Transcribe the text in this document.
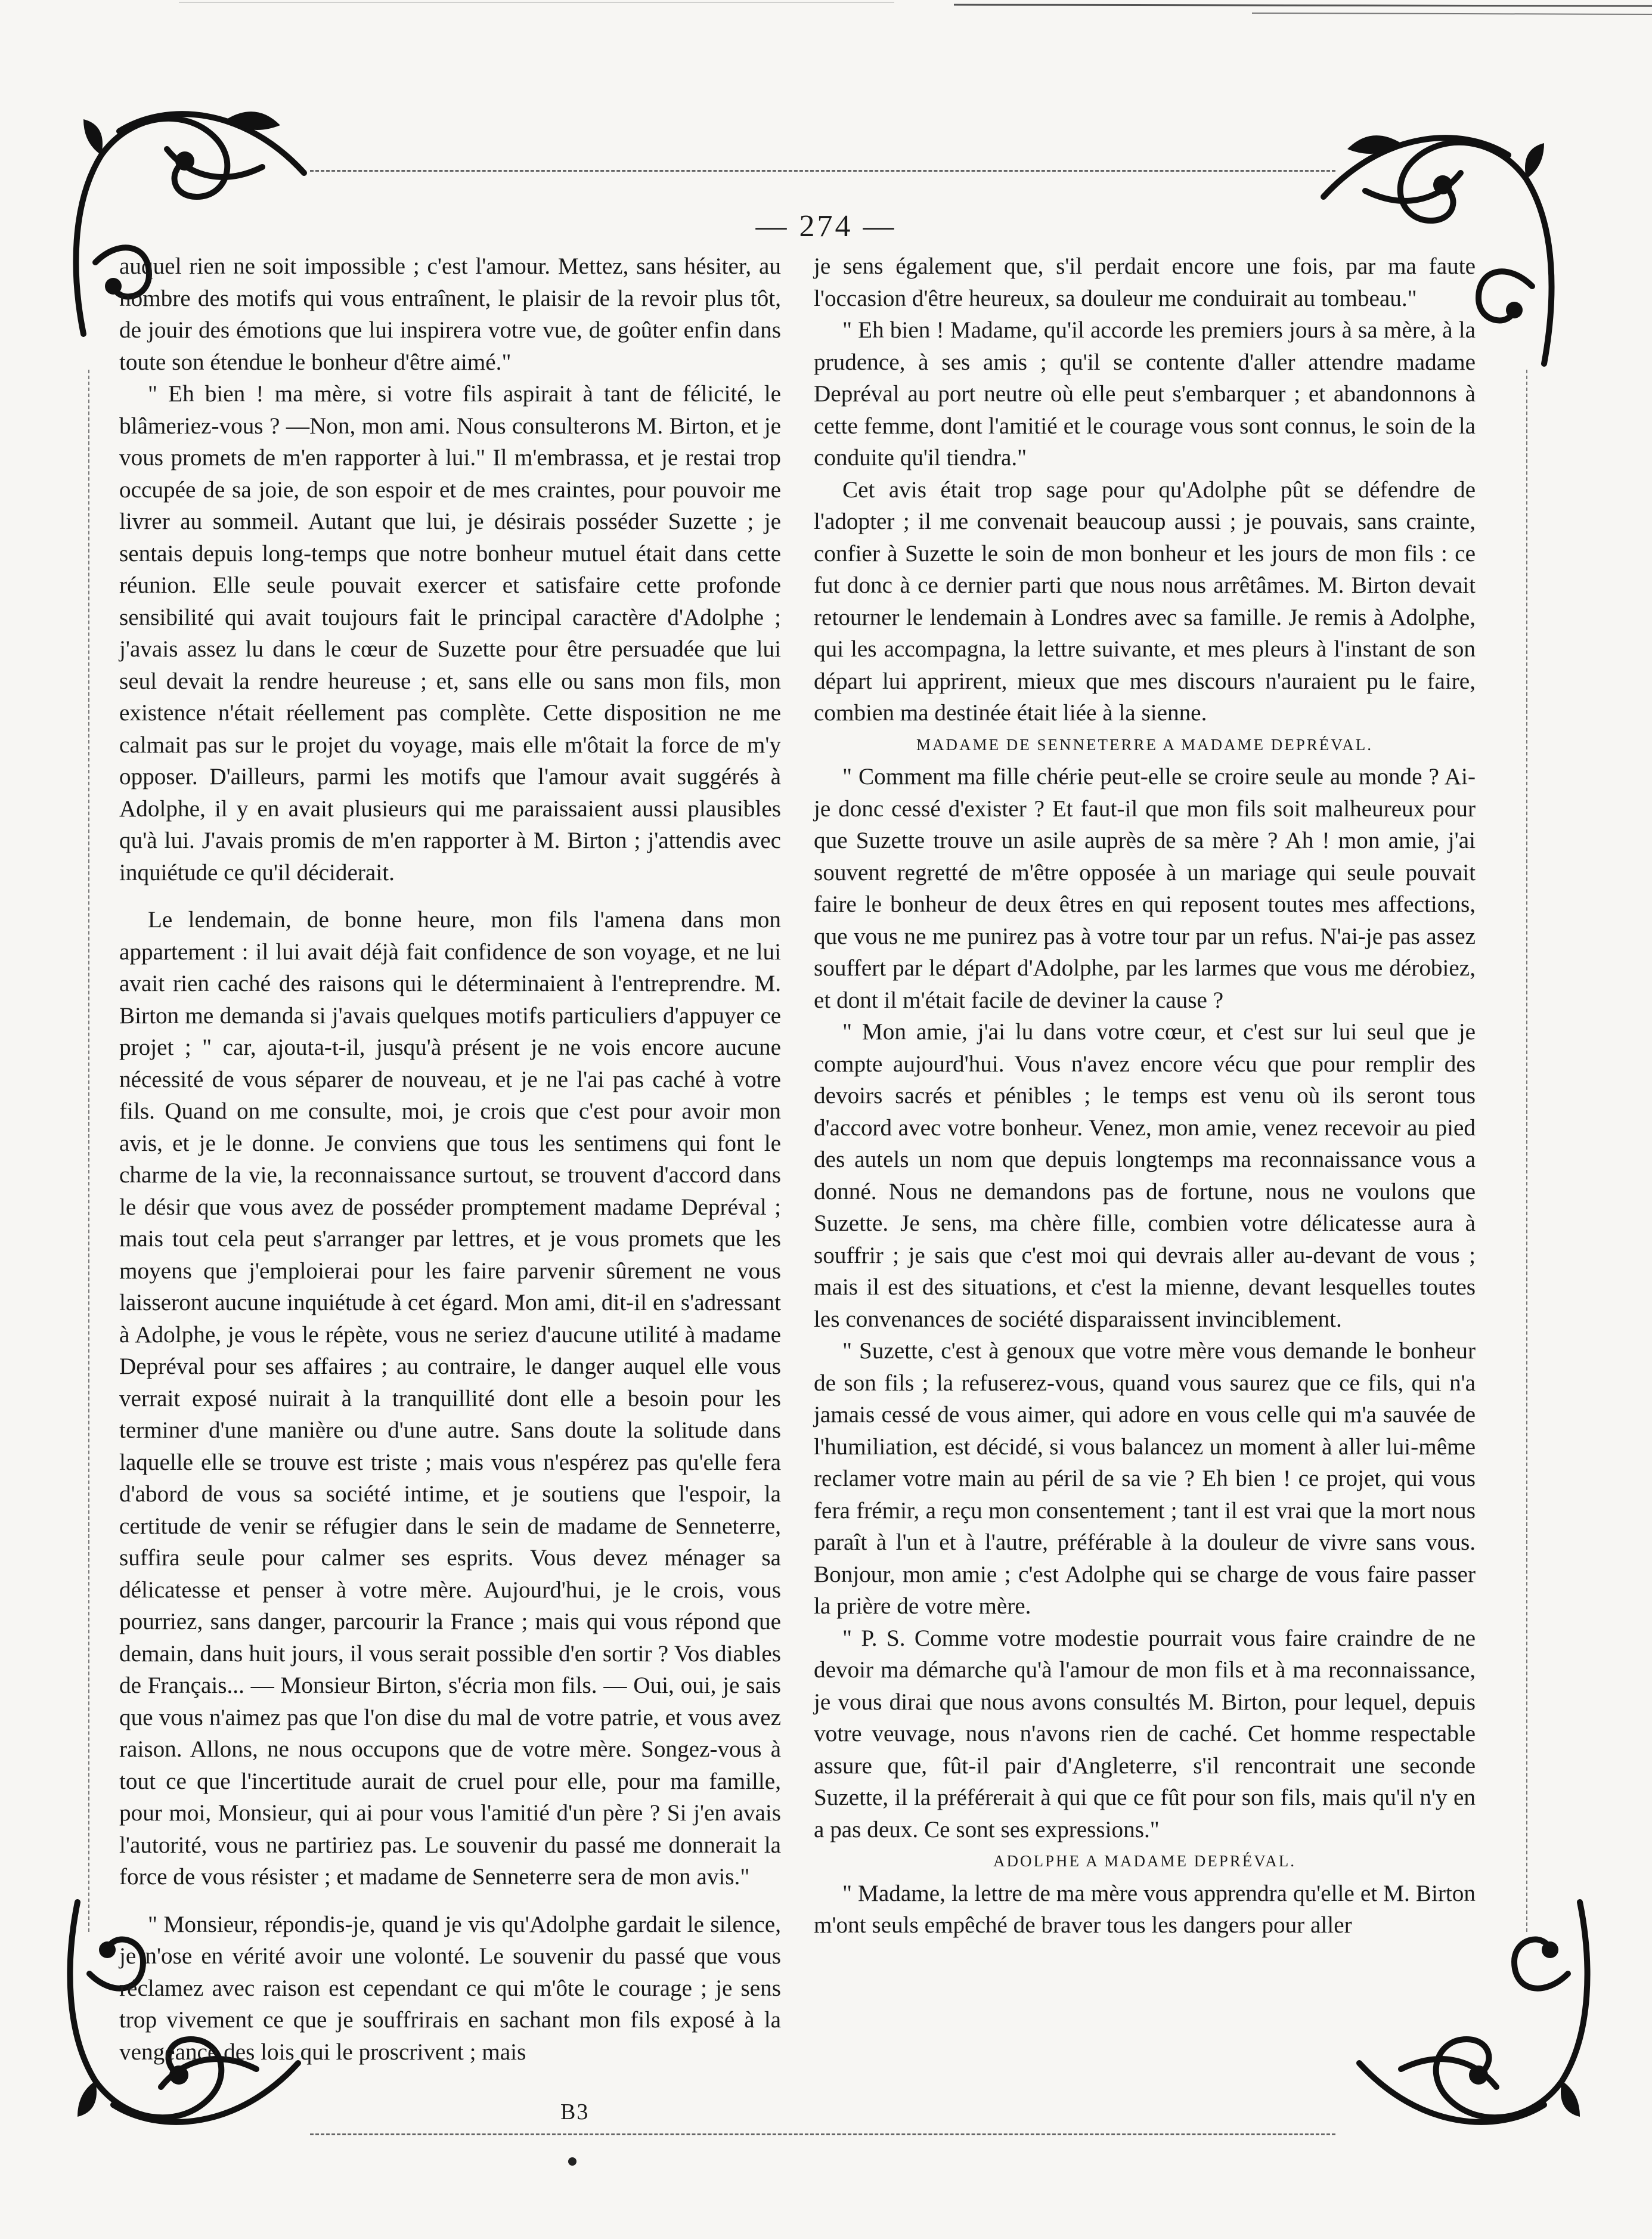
— 274 —

auquel rien ne soit impossible ; c'est l'amour. Mettez, sans hésiter, au nombre des motifs qui vous entraînent, le plaisir de la revoir plus tôt, de jouir des émotions que lui inspirera votre vue, de goûter enfin dans toute son étendue le bonheur d'être aimé."

" Eh bien ! ma mère, si votre fils aspirait à tant de félicité, le blâmeriez-vous ? —Non, mon ami. Nous consulterons M. Birton, et je vous promets de m'en rapporter à lui." Il m'embrassa, et je restai trop occupée de sa joie, de son espoir et de mes craintes, pour pouvoir me livrer au sommeil. Autant que lui, je désirais posséder Suzette ; je sentais depuis long-temps que notre bonheur mutuel était dans cette réunion. Elle seule pouvait exercer et satisfaire cette profonde sensibilité qui avait toujours fait le principal caractère d'Adolphe ; j'avais assez lu dans le cœur de Suzette pour être persuadée que lui seul devait la rendre heureuse ; et, sans elle ou sans mon fils, mon existence n'était réellement pas complète. Cette disposition ne me calmait pas sur le projet du voyage, mais elle m'ôtait la force de m'y opposer. D'ailleurs, parmi les motifs que l'amour avait suggérés à Adolphe, il y en avait plusieurs qui me paraissaient aussi plausibles qu'à lui. J'avais promis de m'en rapporter à M. Birton ; j'attendis avec inquiétude ce qu'il déciderait.

Le lendemain, de bonne heure, mon fils l'amena dans mon appartement : il lui avait déjà fait confidence de son voyage, et ne lui avait rien caché des raisons qui le déterminaient à l'entreprendre. M. Birton me demanda si j'avais quelques motifs particuliers d'appuyer ce projet ; " car, ajouta-t-il, jusqu'à présent je ne vois encore aucune nécessité de vous séparer de nouveau, et je ne l'ai pas caché à votre fils. Quand on me consulte, moi, je crois que c'est pour avoir mon avis, et je le donne. Je conviens que tous les sentimens qui font le charme de la vie, la reconnaissance surtout, se trouvent d'accord dans le désir que vous avez de posséder promptement madame Depréval ; mais tout cela peut s'arranger par lettres, et je vous promets que les moyens que j'emploierai pour les faire parvenir sûrement ne vous laisseront aucune inquiétude à cet égard. Mon ami, dit-il en s'adressant à Adolphe, je vous le répète, vous ne seriez d'aucune utilité à madame Depréval pour ses affaires ; au contraire, le danger auquel elle vous verrait exposé nuirait à la tranquillité dont elle a besoin pour les terminer d'une manière ou d'une autre. Sans doute la solitude dans laquelle elle se trouve est triste ; mais vous n'espérez pas qu'elle fera d'abord de vous sa société intime, et je soutiens que l'espoir, la certitude de venir se réfugier dans le sein de madame de Senneterre, suffira seule pour calmer ses esprits. Vous devez ménager sa délicatesse et penser à votre mère. Aujourd'hui, je le crois, vous pourriez, sans danger, parcourir la France ; mais qui vous répond que demain, dans huit jours, il vous serait possible d'en sortir ? Vos diables de Français... — Monsieur Birton, s'écria mon fils. — Oui, oui, je sais que vous n'aimez pas que l'on dise du mal de votre patrie, et vous avez raison. Allons, ne nous occupons que de votre mère. Songez-vous à tout ce que l'incertitude aurait de cruel pour elle, pour ma famille, pour moi, Monsieur, qui ai pour vous l'amitié d'un père ? Si j'en avais l'autorité, vous ne partiriez pas. Le souvenir du passé me donnerait la force de vous résister ; et madame de Senneterre sera de mon avis."

" Monsieur, répondis-je, quand je vis qu'Adolphe gardait le silence, je n'ose en vérité avoir une volonté. Le souvenir du passé que vous réclamez avec raison est cependant ce qui m'ôte le courage ; je sens trop vivement ce que je souffrirais en sachant mon fils exposé à la vengeance des lois qui le proscrivent ; mais

je sens également que, s'il perdait encore une fois, par ma faute l'occasion d'être heureux, sa douleur me conduirait au tombeau."

" Eh bien ! Madame, qu'il accorde les premiers jours à sa mère, à la prudence, à ses amis ; qu'il se contente d'aller attendre madame Depréval au port neutre où elle peut s'embarquer ; et abandonnons à cette femme, dont l'amitié et le courage vous sont connus, le soin de la conduite qu'il tiendra."

Cet avis était trop sage pour qu'Adolphe pût se défendre de l'adopter ; il me convenait beaucoup aussi ; je pouvais, sans crainte, confier à Suzette le soin de mon bonheur et les jours de mon fils : ce fut donc à ce dernier parti que nous nous arrêtâmes. M. Birton devait retourner le lendemain à Londres avec sa famille. Je remis à Adolphe, qui les accompagna, la lettre suivante, et mes pleurs à l'instant de son départ lui apprirent, mieux que mes discours n'auraient pu le faire, combien ma destinée était liée à la sienne.

MADAME DE SENNETERRE A MADAME DEPRÉVAL.

" Comment ma fille chérie peut-elle se croire seule au monde ? Ai-je donc cessé d'exister ? Et faut-il que mon fils soit malheureux pour que Suzette trouve un asile auprès de sa mère ? Ah ! mon amie, j'ai souvent regretté de m'être opposée à un mariage qui seule pouvait faire le bonheur de deux êtres en qui reposent toutes mes affections, que vous ne me punirez pas à votre tour par un refus. N'ai-je pas assez souffert par le départ d'Adolphe, par les larmes que vous me dérobiez, et dont il m'était facile de deviner la cause ?

" Mon amie, j'ai lu dans votre cœur, et c'est sur lui seul que je compte aujourd'hui. Vous n'avez encore vécu que pour remplir des devoirs sacrés et pénibles ; le temps est venu où ils seront tous d'accord avec votre bonheur. Venez, mon amie, venez recevoir au pied des autels un nom que depuis longtemps ma reconnaissance vous a donné. Nous ne demandons pas de fortune, nous ne voulons que Suzette. Je sens, ma chère fille, combien votre délicatesse aura à souffrir ; je sais que c'est moi qui devrais aller au-devant de vous ; mais il est des situations, et c'est la mienne, devant lesquelles toutes les convenances de société disparaissent invinciblement.

" Suzette, c'est à genoux que votre mère vous demande le bonheur de son fils ; la refuserez-vous, quand vous saurez que ce fils, qui n'a jamais cessé de vous aimer, qui adore en vous celle qui m'a sauvée de l'humiliation, est décidé, si vous balancez un moment à aller lui-même reclamer votre main au péril de sa vie ? Eh bien ! ce projet, qui vous fera frémir, a reçu mon consentement ; tant il est vrai que la mort nous paraît à l'un et à l'autre, préférable à la douleur de vivre sans vous. Bonjour, mon amie ; c'est Adolphe qui se charge de vous faire passer la prière de votre mère.

" P. S. Comme votre modestie pourrait vous faire craindre de ne devoir ma démarche qu'à l'amour de mon fils et à ma reconnaissance, je vous dirai que nous avons consultés M. Birton, pour lequel, depuis votre veuvage, nous n'avons rien de caché. Cet homme respectable assure que, fût-il pair d'Angleterre, s'il rencontrait une seconde Suzette, il la préférerait à qui que ce fût pour son fils, mais qu'il n'y en a pas deux. Ce sont ses expressions."

ADOLPHE A MADAME DEPRÉVAL.

" Madame, la lettre de ma mère vous apprendra qu'elle et M. Birton m'ont seuls empêché de braver tous les dangers pour aller

B3
